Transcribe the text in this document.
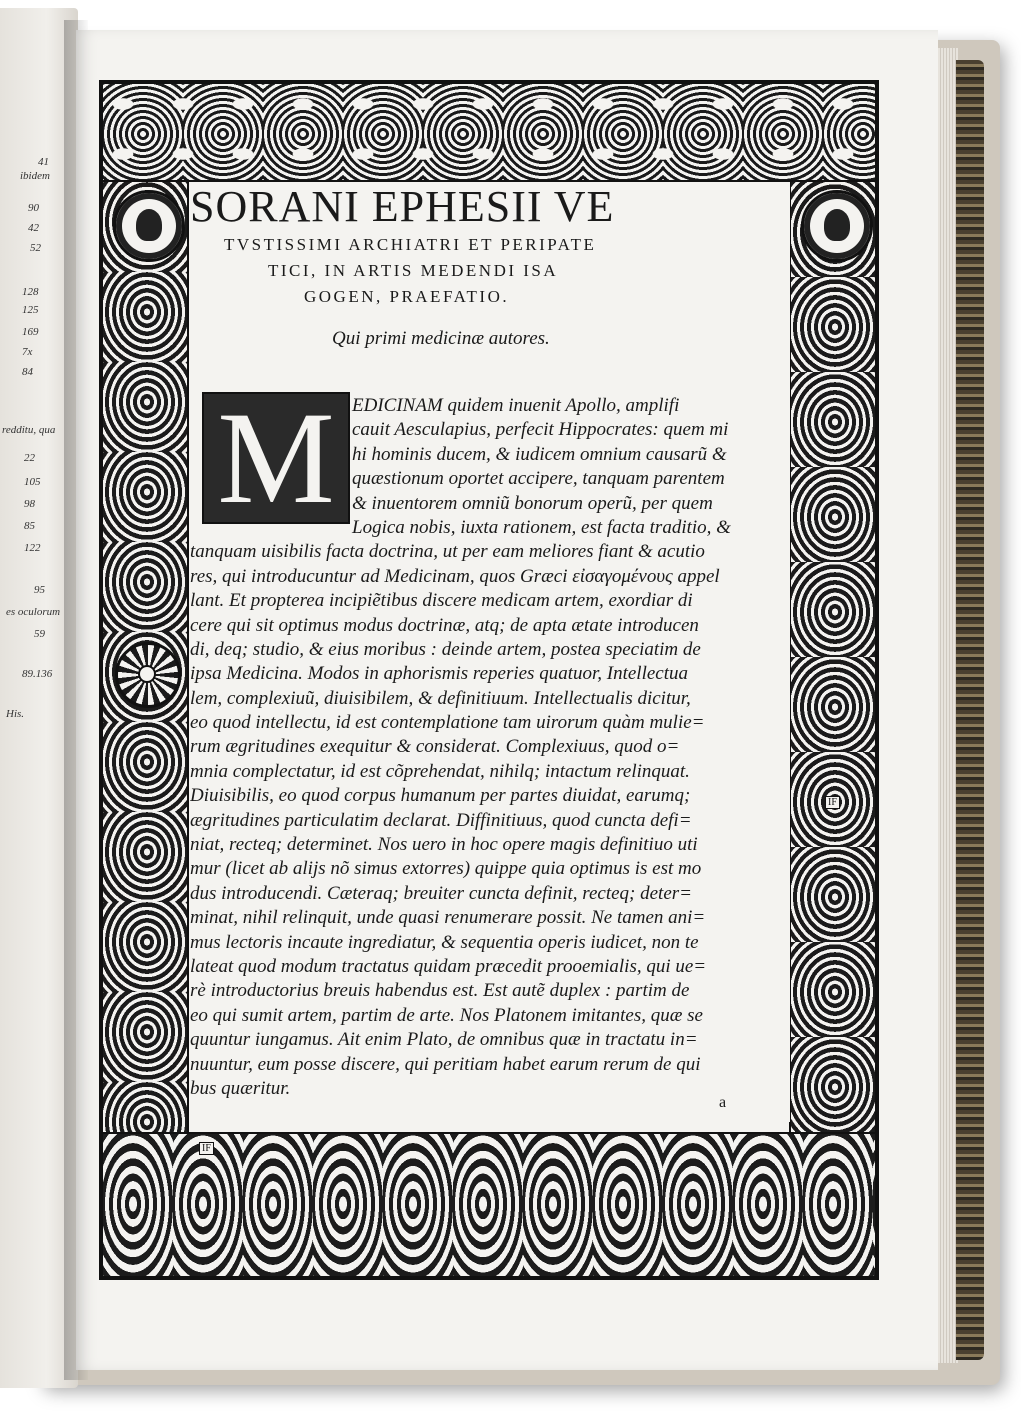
41
ibidem
90
42
52
128
125
169
7x
84
redditu, qua
22
105
98
85
122
95
es oculorum
59
89.136
His.
IF
IF

SORANI EPHESII VE

TVSTISSIMI ARCHIATRI ET PERIPATE

TICI, IN ARTIS MEDENDI ISA

GOGEN, PRAEFATIO.

Qui primi medicinæ autores.

M EDICINAM quidem inuenit Apollo, amplifi
cauit Aesculapius, perfecit Hippocrates: quem mi
hi hominis ducem, & iudicem omnium causarũ &
quæstionum oportet accipere, tanquam parentem
& inuentorem omniũ bonorum operũ, per quem
Logica nobis, iuxta rationem, est facta traditio, &
tanquam uisibilis facta doctrina, ut per eam meliores fiant & acutio
res, qui introducuntur ad Medicinam, quos Græci εἰσαγομένους appel
lant. Et propterea incipiẽtibus discere medicam artem, exordiar di
cere qui sit optimus modus doctrinæ, atq; de apta ætate introducen
di, deq; studio, & eius moribus : deinde artem, postea speciatim de
ipsa Medicina. Modos in aphorismis reperies quatuor, Intellectua
lem, complexiuũ, diuisibilem, & definitiuum. Intellectualis dicitur,
eo quod intellectu, id est contemplatione tam uirorum quàm mulie=
rum ægritudines exequitur & considerat. Complexiuus, quod o=
mnia complectatur, id est cõprehendat, nihilq; intactum relinquat.
Diuisibilis, eo quod corpus humanum per partes diuidat, earumq;
ægritudines particulatim declarat. Diffinitiuus, quod cuncta defi=
niat, recteq; determinet. Nos uero in hoc opere magis definitiuo uti
mur (licet ab alijs nõ simus extorres) quippe quia optimus is est mo
dus introducendi. Cæteraq; breuiter cuncta definit, recteq; deter=
minat, nihil relinquit, unde quasi renumerare possit. Ne tamen ani=
mus lectoris incaute ingrediatur, & sequentia operis iudicet, non te
lateat quod modum tractatus quidam præcedit prooemialis, qui ue=
rè introductorius breuis habendus est. Est autẽ duplex : partim de
eo qui sumit artem, partim de arte. Nos Platonem imitantes, quæ se
quuntur iungamus. Ait enim Plato, de omnibus quæ in tractatu in=
nuuntur, eum posse discere, qui peritiam habet earum rerum de qui
bus quæritur.
a
